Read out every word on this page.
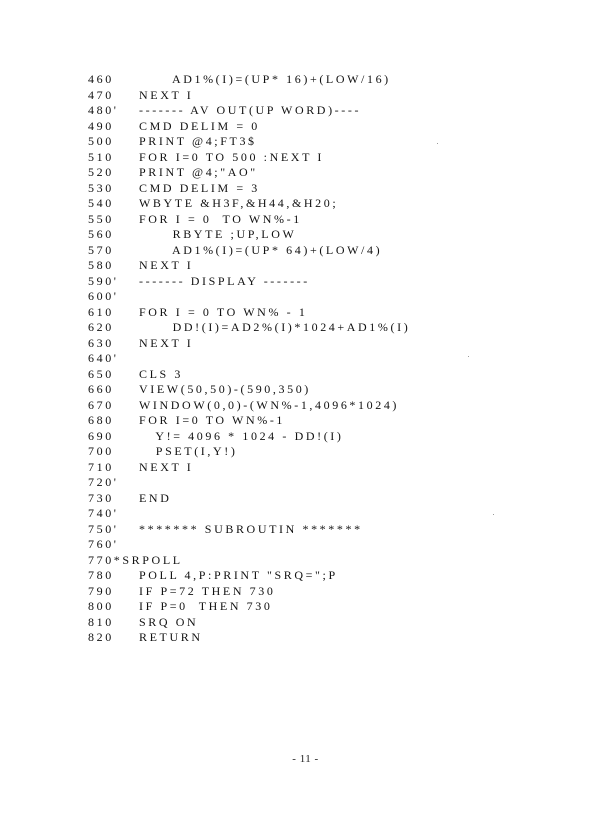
460 AD1%(I)=(UP* 16)+(LOW/16)
470 NEXT I
480' ------- AV OUT(UP WORD)----
490 CMD DELIM = 0
500 PRINT @4;FT3$
510 FOR I=0 TO 500 :NEXT I
520 PRINT @4;"AO"
530 CMD DELIM = 3
540 WBYTE &H3F,&H44,&H20;
550 FOR I = 0  TO WN%-1
560 RBYTE ;UP,LOW
570 AD1%(I)=(UP* 64)+(LOW/4)
580 NEXT I
590' ------- DISPLAY -------
600'
610 FOR I = 0 TO WN% - 1
620 DD!(I)=AD2%(I)*1024+AD1%(I)
630 NEXT I
640'
650 CLS 3
660 VIEW(50,50)-(590,350)
670 WINDOW(0,0)-(WN%-1,4096*1024)
680 FOR I=0 TO WN%-1
690 Y!= 4096 * 1024 - DD!(I)
700 PSET(I,Y!)
710 NEXT I
720'
730 END
740'
750' ******* SUBROUTIN *******
760'
770*SRPOLL
780 POLL 4,P:PRINT "SRQ=";P
790 IF P=72 THEN 730
800 IF P=0  THEN 730
810 SRQ ON
820 RETURN
- 11 -
